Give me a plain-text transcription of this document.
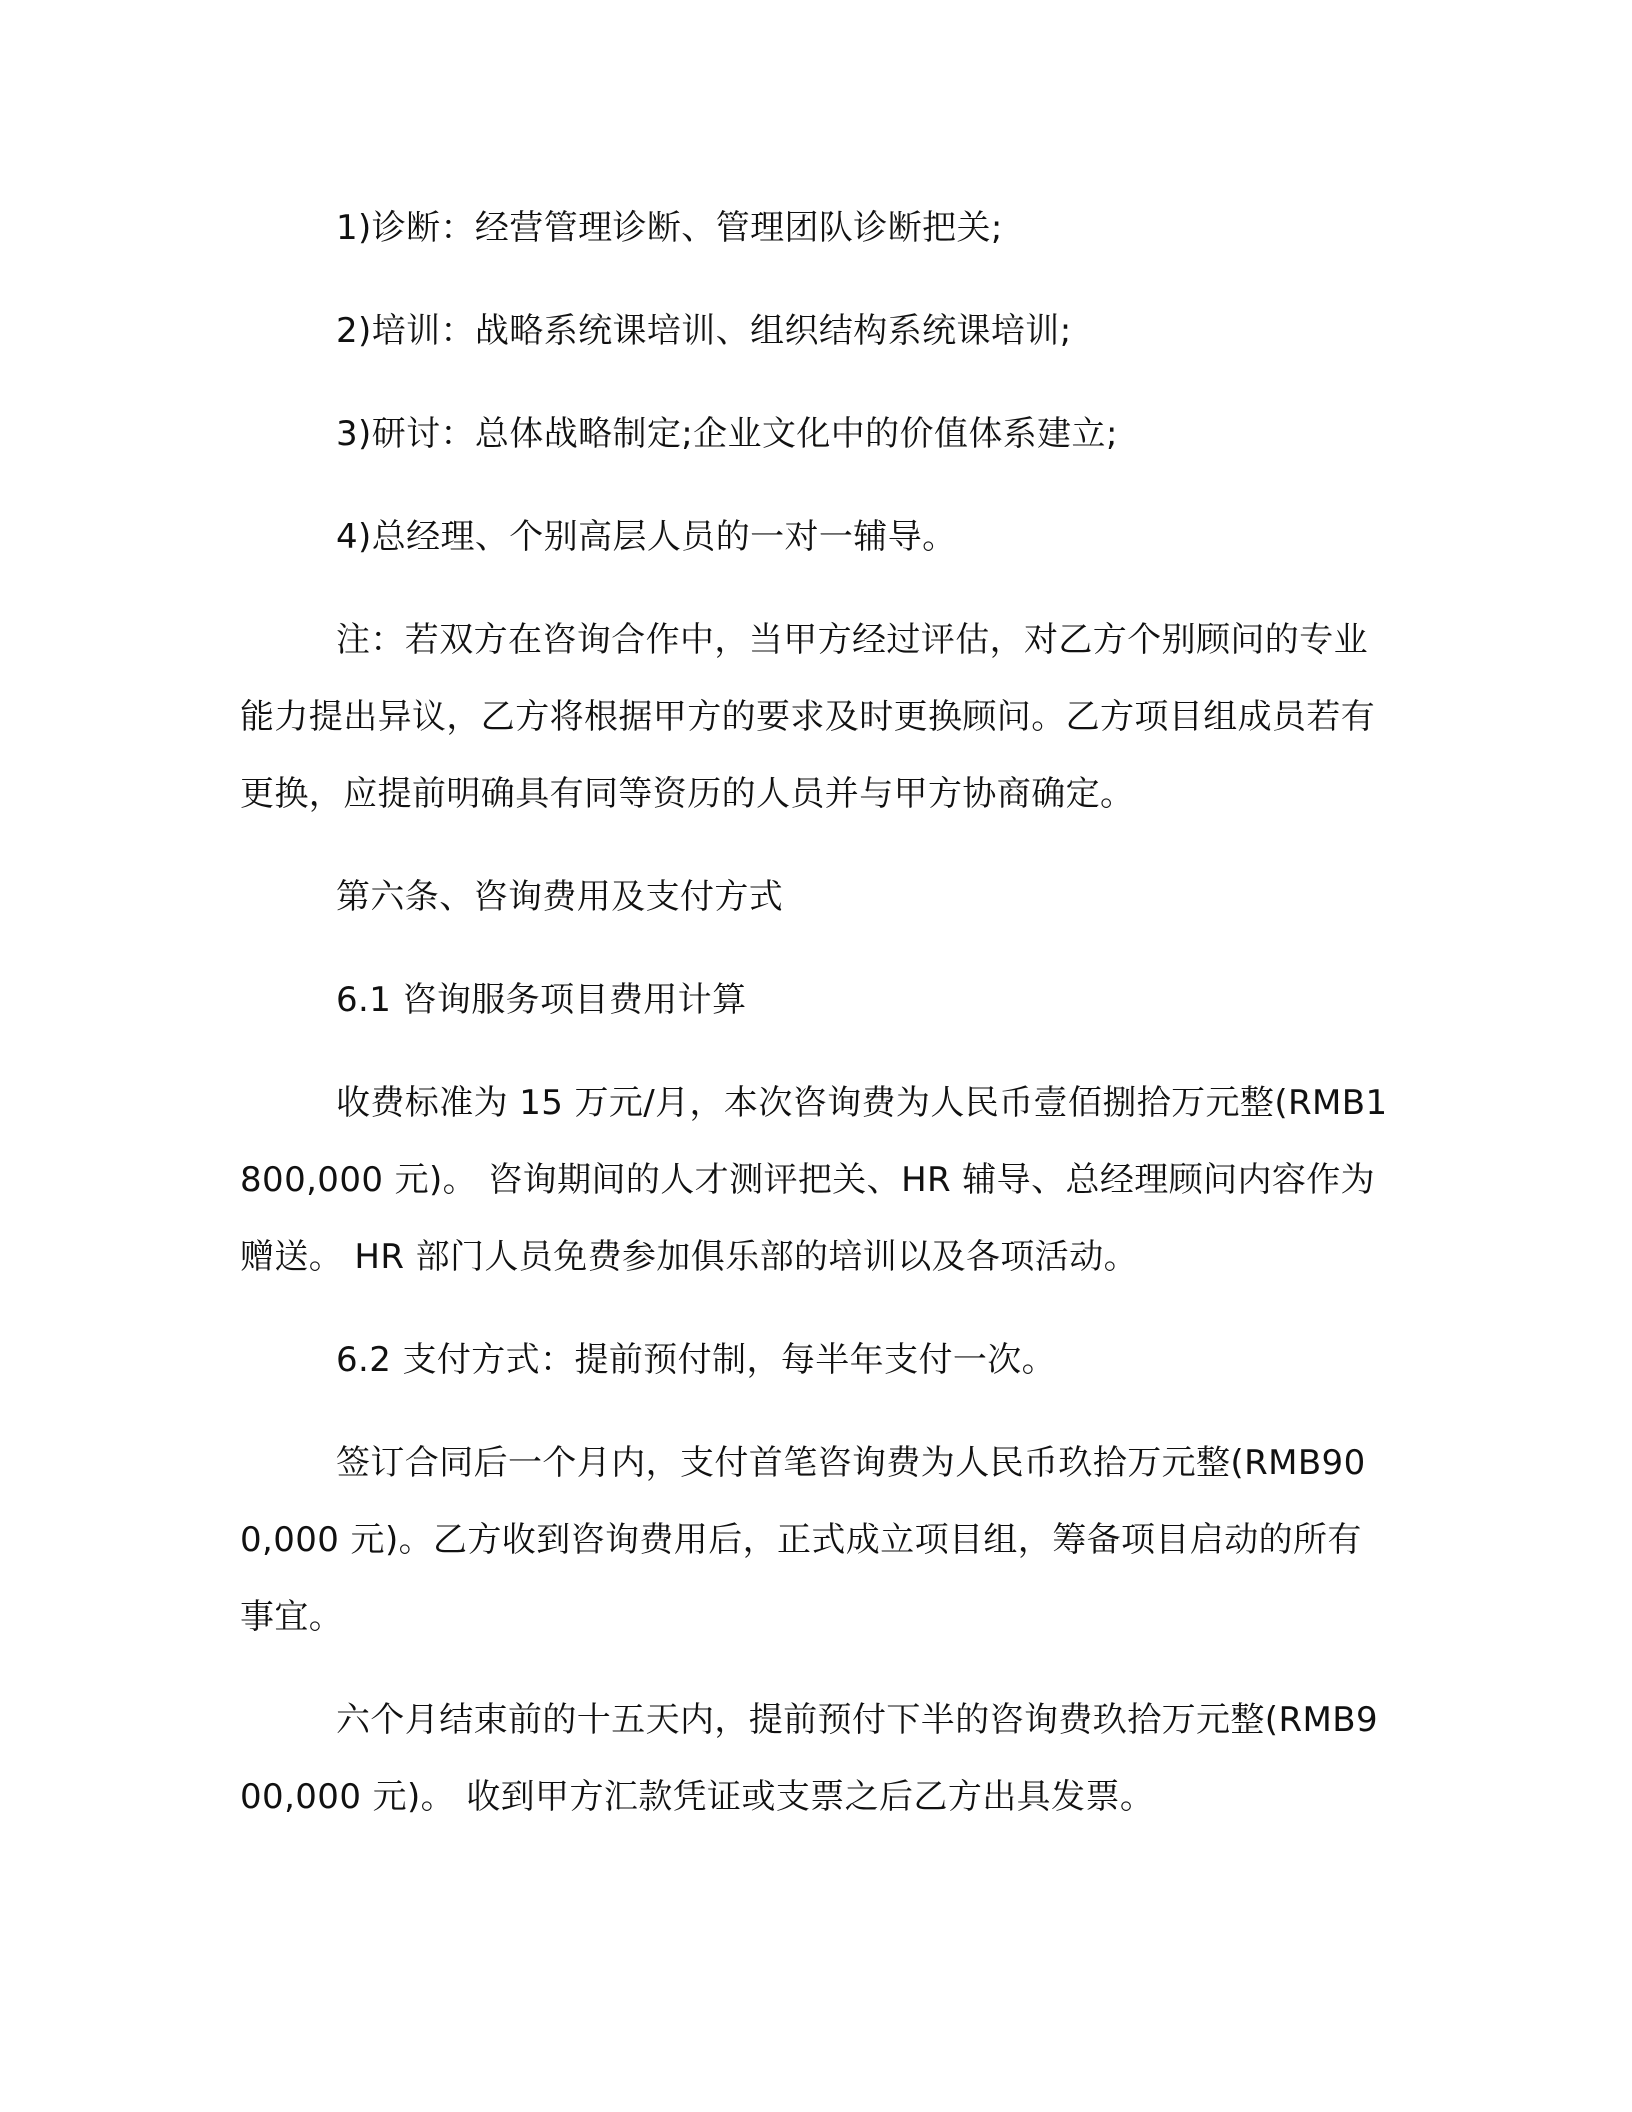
1)诊断：经营管理诊断、管理团队诊断把关;

2)培训：战略系统课培训、组织结构系统课培训;

3)研讨：总体战略制定;企业文化中的价值体系建立;

4)总经理、个别高层人员的一对一辅导。

注：若双方在咨询合作中，当甲方经过评估，对乙方个别顾问的专业能力提出异议，乙方将根据甲方的要求及时更换顾问。乙方项目组成员若有更换，应提前明确具有同等资历的人员并与甲方协商确定。

第六条、咨询费用及支付方式

6.1 咨询服务项目费用计算

收费标准为 15 万元/月，本次咨询费为人民币壹佰捌拾万元整(RMB1800,000 元)。 咨询期间的人才测评把关、HR 辅导、总经理顾问内容作为赠送。 HR 部门人员免费参加俱乐部的培训以及各项活动。

6.2 支付方式：提前预付制，每半年支付一次。

签订合同后一个月内，支付首笔咨询费为人民币玖拾万元整(RMB900,000 元)。乙方收到咨询费用后，正式成立项目组，筹备项目启动的所有事宜。

六个月结束前的十五天内，提前预付下半的咨询费玖拾万元整(RMB900,000 元)。 收到甲方汇款凭证或支票之后乙方出具发票。
